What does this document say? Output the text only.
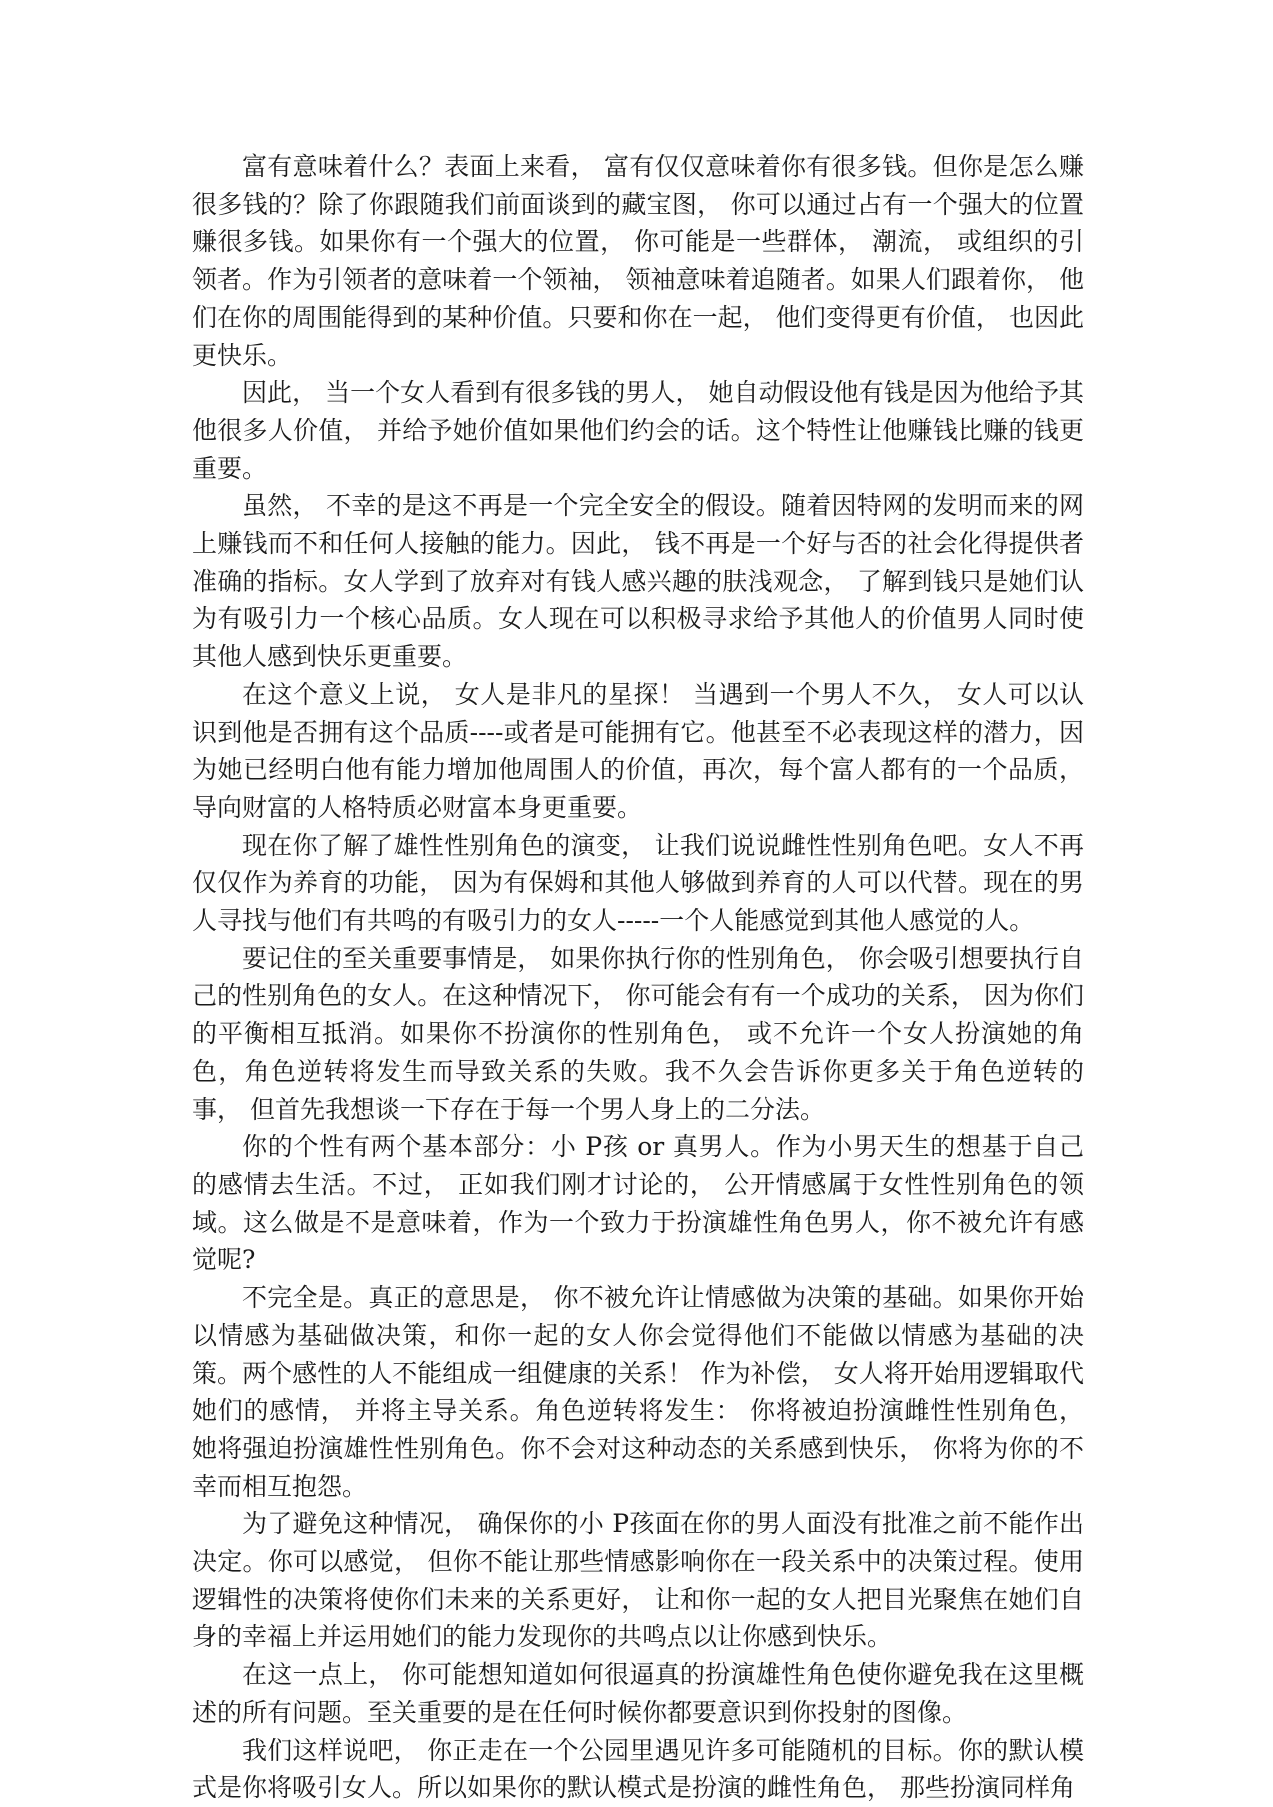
富有意味着什么？表面上来看， 富有仅仅意味着你有很多钱。但你是怎么赚很多钱的？除了你跟随我们前面谈到的藏宝图， 你可以通过占有一个强大的位置赚很多钱。如果你有一个强大的位置， 你可能是一些群体， 潮流， 或组织的引领者。作为引领者的意味着一个领袖， 领袖意味着追随者。如果人们跟着你， 他们在你的周围能得到的某种价值。只要和你在一起， 他们变得更有价值， 也因此更快乐。

因此， 当一个女人看到有很多钱的男人， 她自动假设他有钱是因为他给予其他很多人价值， 并给予她价值如果他们约会的话。这个特性让他赚钱比赚的钱更重要。

虽然， 不幸的是这不再是一个完全安全的假设。随着因特网的发明而来的网上赚钱而不和任何人接触的能力。因此， 钱不再是一个好与否的社会化得提供者准确的指标。女人学到了放弃对有钱人感兴趣的肤浅观念， 了解到钱只是她们认为有吸引力一个核心品质。女人现在可以积极寻求给予其他人的价值男人同时使其他人感到快乐更重要。

在这个意义上说， 女人是非凡的星探！ 当遇到一个男人不久， 女人可以认识到他是否拥有这个品质----或者是可能拥有它。他甚至不必表现这样的潜力，因为她已经明白他有能力增加他周围人的价值，再次，每个富人都有的一个品质，导向财富的人格特质必财富本身更重要。

现在你了解了雄性性别角色的演变， 让我们说说雌性性别角色吧。女人不再仅仅作为养育的功能， 因为有保姆和其他人够做到养育的人可以代替。现在的男人寻找与他们有共鸣的有吸引力的女人-----一个人能感觉到其他人感觉的人。

要记住的至关重要事情是， 如果你执行你的性别角色， 你会吸引想要执行自己的性别角色的女人。在这种情况下， 你可能会有有一个成功的关系， 因为你们的平衡相互抵消。如果你不扮演你的性别角色， 或不允许一个女人扮演她的角色，角色逆转将发生而导致关系的失败。我不久会告诉你更多关于角色逆转的事， 但首先我想谈一下存在于每一个男人身上的二分法。

你的个性有两个基本部分：小 P孩 or 真男人。作为小男天生的想基于自己的感情去生活。不过， 正如我们刚才讨论的， 公开情感属于女性性别角色的领域。这么做是不是意味着，作为一个致力于扮演雄性角色男人，你不被允许有感觉呢?

不完全是。真正的意思是， 你不被允许让情感做为决策的基础。如果你开始以情感为基础做决策，和你一起的女人你会觉得他们不能做以情感为基础的决策。两个感性的人不能组成一组健康的关系！ 作为补偿， 女人将开始用逻辑取代她们的感情， 并将主导关系。角色逆转将发生： 你将被迫扮演雌性性别角色， 她将强迫扮演雄性性别角色。你不会对这种动态的关系感到快乐， 你将为你的不幸而相互抱怨。

为了避免这种情况， 确保你的小 P孩面在你的男人面没有批准之前不能作出决定。你可以感觉， 但你不能让那些情感影响你在一段关系中的决策过程。使用逻辑性的决策将使你们未来的关系更好， 让和你一起的女人把目光聚焦在她们自身的幸福上并运用她们的能力发现你的共鸣点以让你感到快乐。

在这一点上， 你可能想知道如何很逼真的扮演雄性角色使你避免我在这里概述的所有问题。至关重要的是在任何时候你都要意识到你投射的图像。

我们这样说吧， 你正走在一个公园里遇见许多可能随机的目标。你的默认模式是你将吸引女人。所以如果你的默认模式是扮演的雌性角色， 那些扮演同样角
